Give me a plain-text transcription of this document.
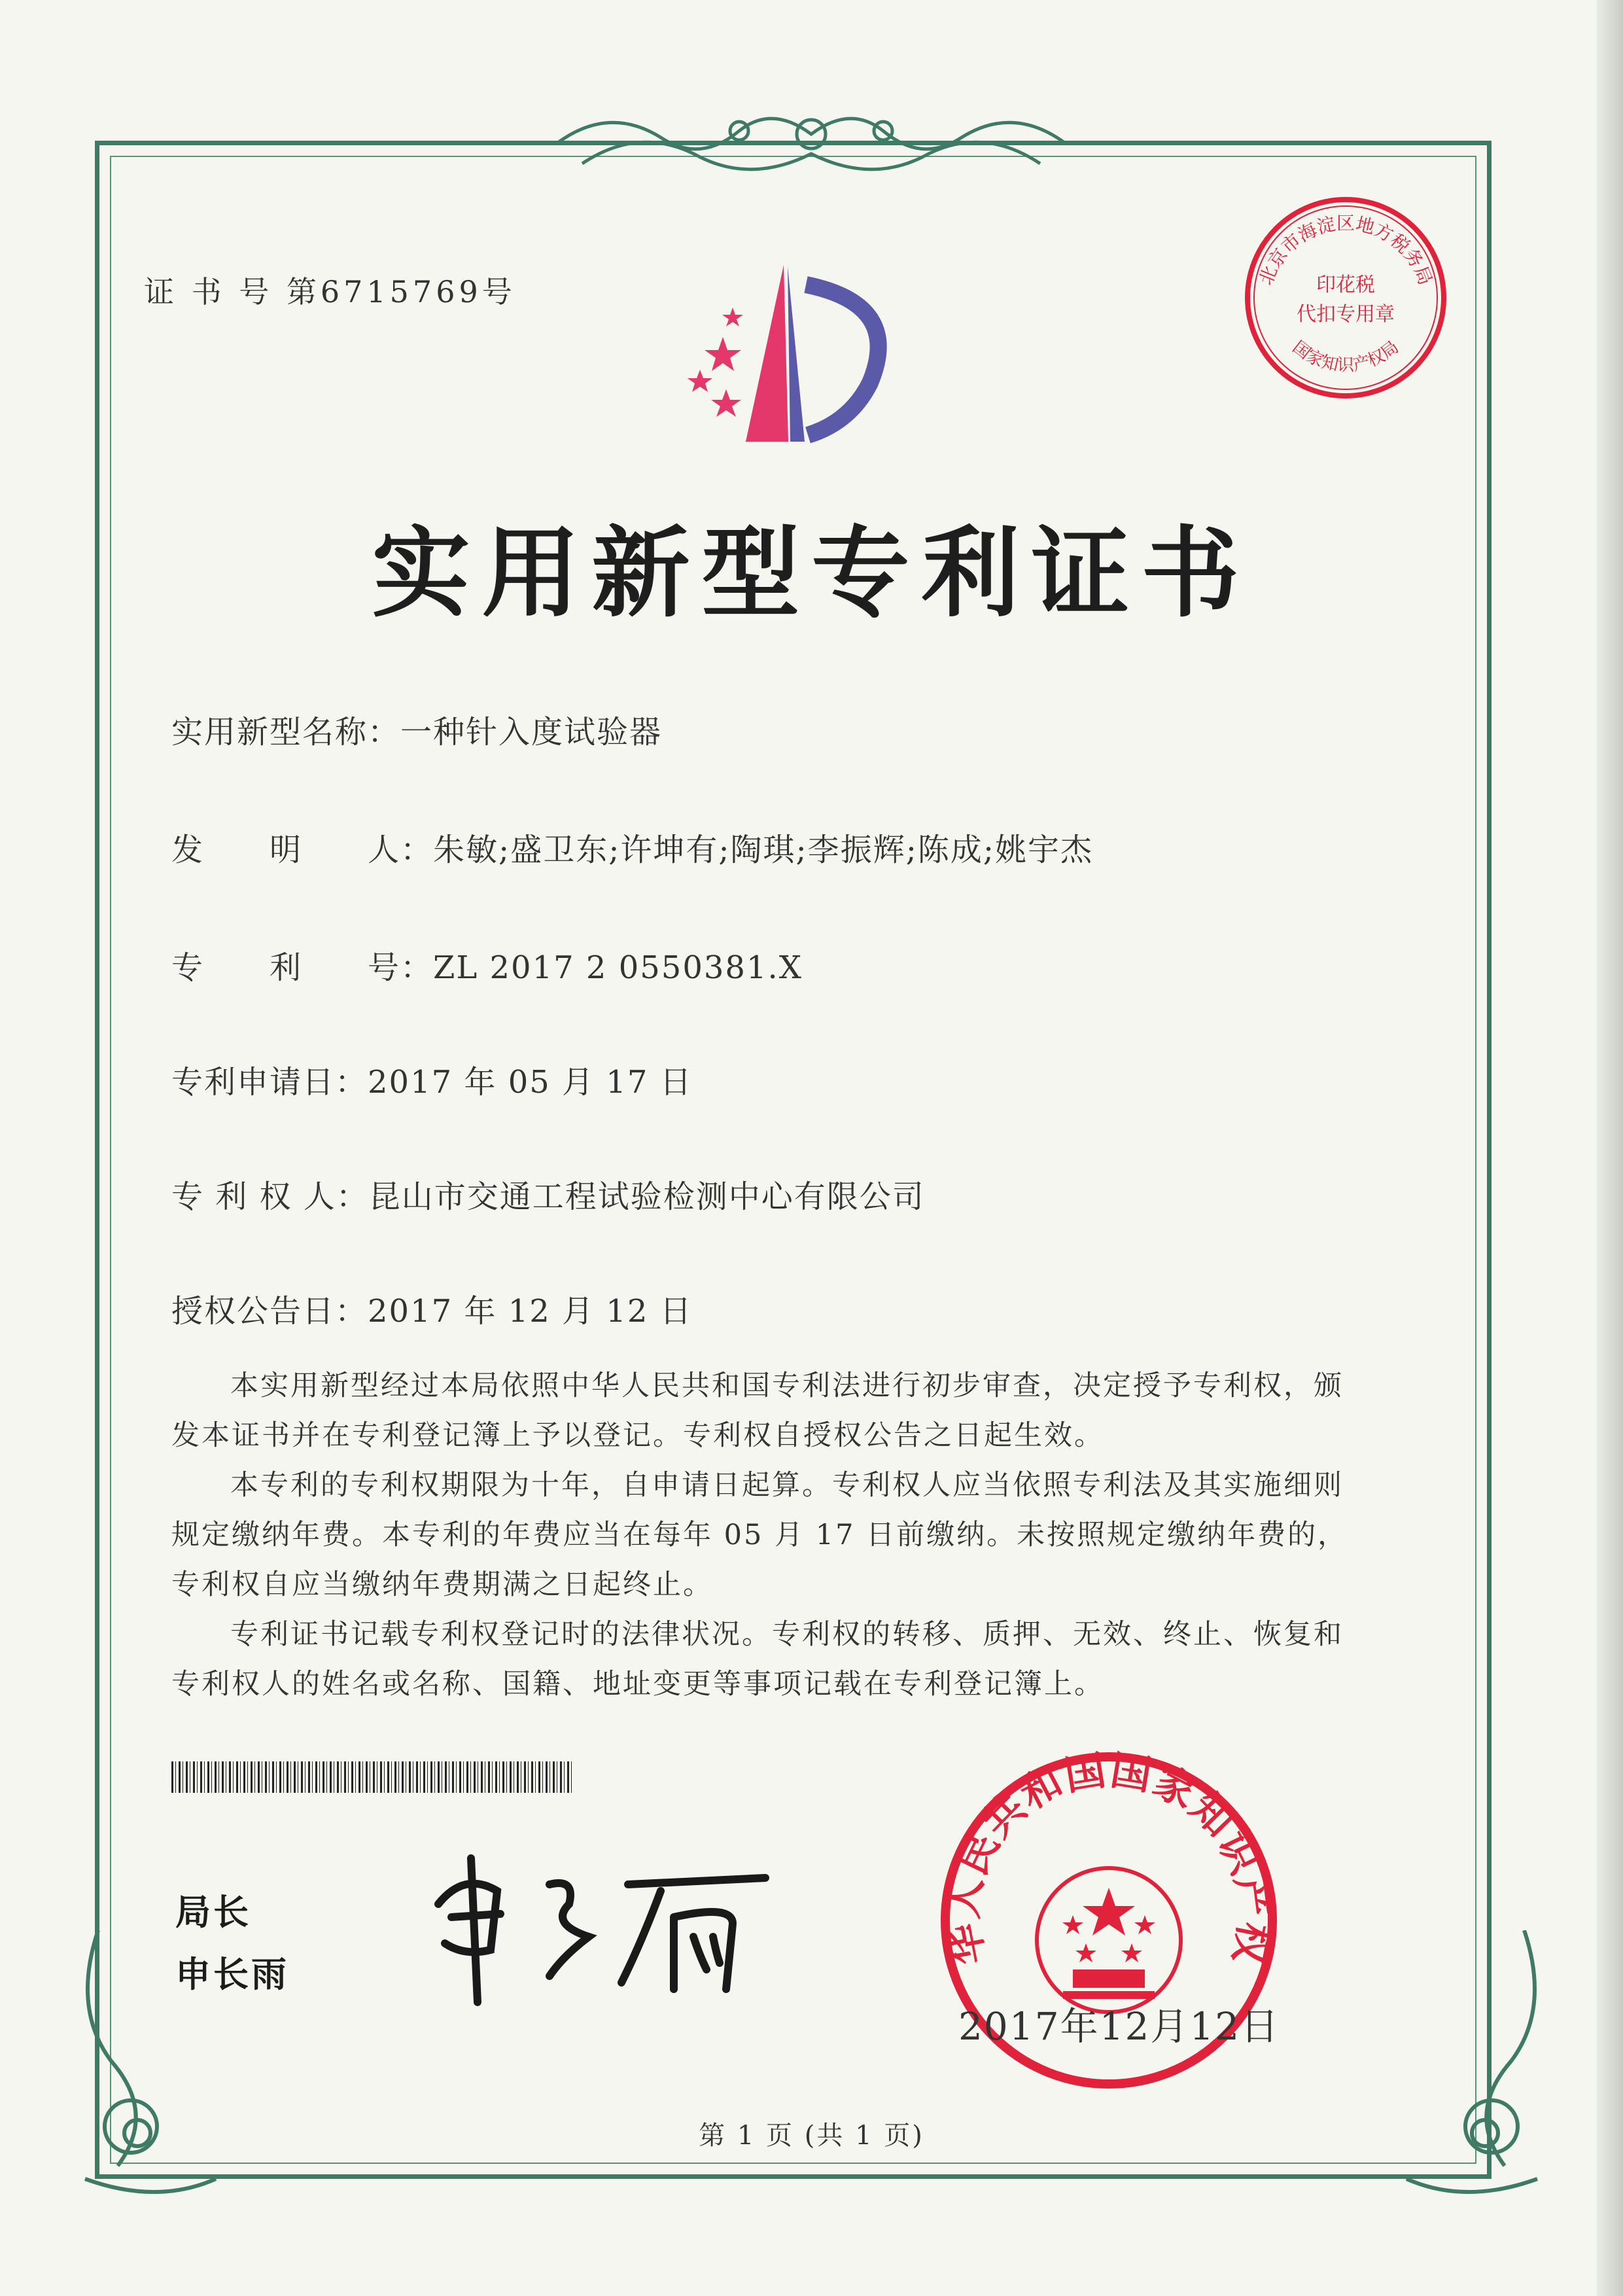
证 书 号 第6715769号	北京市海淀区地方税务局
国家知识产权局
印花税
代扣专用章
实用新型专利证书
实用新型名称：一种针入度试验器
发　　明　　人：朱敏;盛卫东;许坤有;陶琪;李振辉;陈成;姚宇杰
专　　利　　号：ZL 2017 2 0550381.X
专利申请日：2017 年 05 月 17 日
专 利 权 人：昆山市交通工程试验检测中心有限公司
授权公告日：2017 年 12 月 12 日

本实用新型经过本局依照中华人民共和国专利法进行初步审查，决定授予专利权，颁发本证书并在专利登记簿上予以登记。专利权自授权公告之日起生效。

本专利的专利权期限为十年，自申请日起算。专利权人应当依照专利法及其实施细则规定缴纳年费。本专利的年费应当在每年 05 月 17 日前缴纳。未按照规定缴纳年费的，专利权自应当缴纳年费期满之日起终止。

专利证书记载专利权登记时的法律状况。专利权的转移、质押、无效、终止、恢复和专利权人的姓名或名称、国籍、地址变更等事项记载在专利登记簿上。

局长
申长雨
华人民共和国国家知识产权
2017年12月12日
第 1 页 (共 1 页)
